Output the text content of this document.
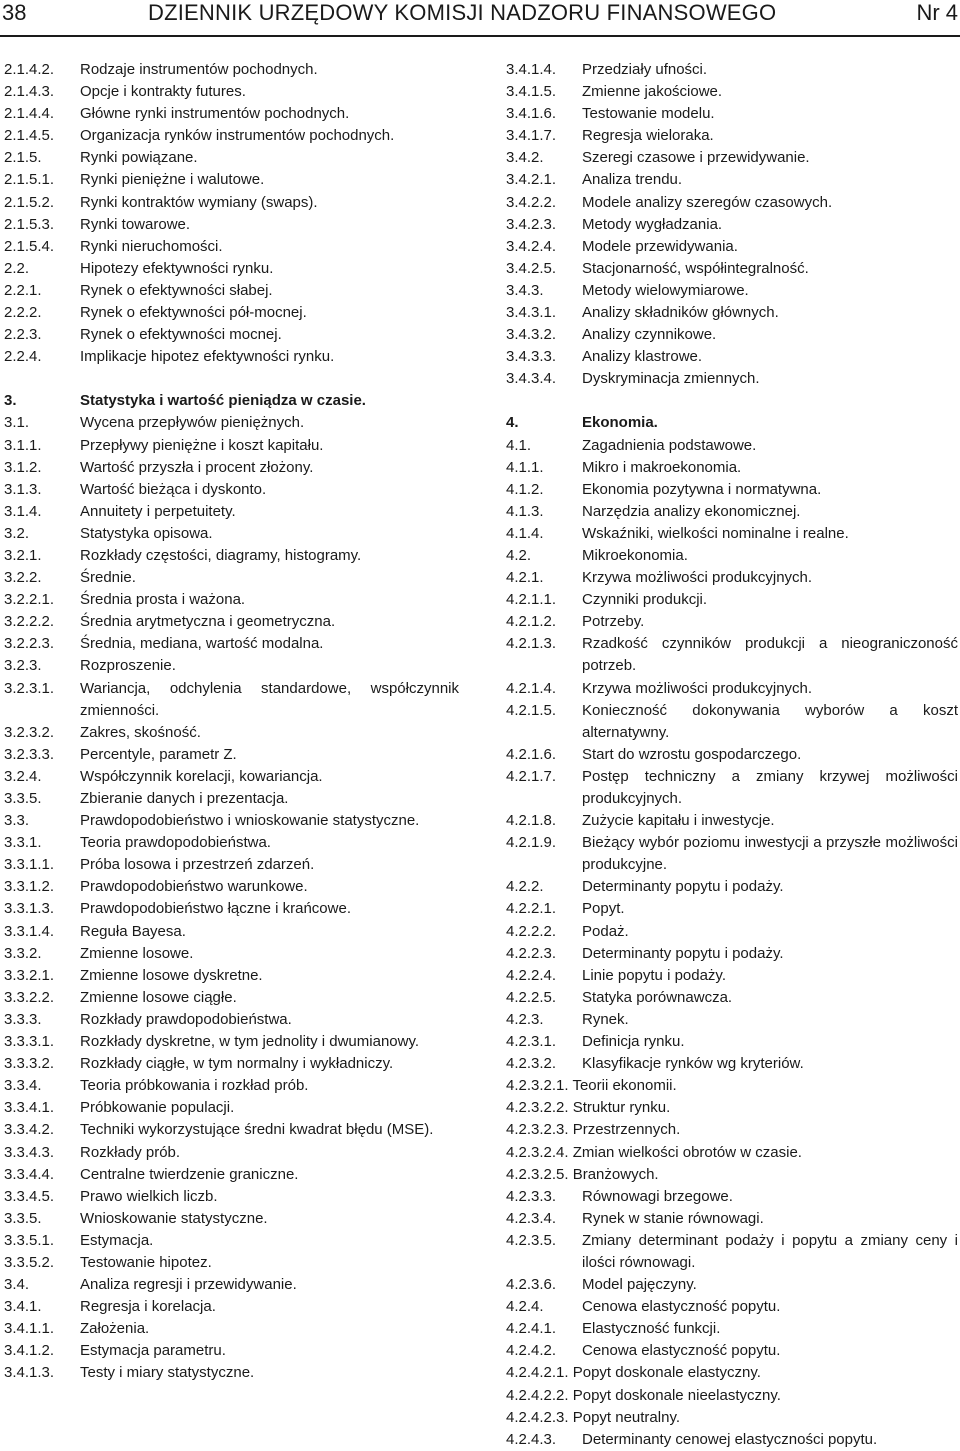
38	DZIENNIK URZĘDOWY KOMISJI NADZORU FINANSOWEGO	Nr 4
2.1.4.2.	Rodzaje instrumentów pochodnych.
2.1.4.3.	Opcje i kontrakty futures.
2.1.4.4.	Główne rynki instrumentów pochodnych.
2.1.4.5.	Organizacja rynków instrumentów pochodnych.
2.1.5.	Rynki powiązane.
2.1.5.1.	Rynki pieniężne i walutowe.
2.1.5.2.	Rynki kontraktów wymiany (swaps).
2.1.5.3.	Rynki towarowe.
2.1.5.4.	Rynki nieruchomości.
2.2.	Hipotezy efektywności rynku.
2.2.1.	Rynek o efektywności słabej.
2.2.2.	Rynek o efektywności pół-mocnej.
2.2.3.	Rynek o efektywności mocnej.
2.2.4.	Implikacje hipotez efektywności rynku.
3.	Statystyka i wartość pieniądza w czasie.
3.1.	Wycena przepływów pieniężnych.
3.1.1.	Przepływy pieniężne i koszt kapitału.
3.1.2.	Wartość przyszła i procent złożony.
3.1.3.	Wartość bieżąca i dyskonto.
3.1.4.	Annuitety i perpetuitety.
3.2.	Statystyka opisowa.
3.2.1.	Rozkłady częstości, diagramy, histogramy.
3.2.2.	Średnie.
3.2.2.1.	Średnia prosta i ważona.
3.2.2.2.	Średnia arytmetyczna i geometryczna.
3.2.2.3.	Średnia, mediana, wartość modalna.
3.2.3.	Rozproszenie.
3.2.3.1.	Wariancja, odchylenia standardowe, współczynnik zmienności.
3.2.3.2.	Zakres, skośność.
3.2.3.3.	Percentyle, parametr Z.
3.2.4.	Współczynnik korelacji, kowariancja.
3.3.5.	Zbieranie danych i prezentacja.
3.3.	Prawdopodobieństwo i wnioskowanie statystyczne.
3.3.1.	Teoria prawdopodobieństwa.
3.3.1.1.	Próba losowa i przestrzeń zdarzeń.
3.3.1.2.	Prawdopodobieństwo warunkowe.
3.3.1.3.	Prawdopodobieństwo łączne i krańcowe.
3.3.1.4.	Reguła Bayesa.
3.3.2.	Zmienne losowe.
3.3.2.1.	Zmienne losowe dyskretne.
3.3.2.2.	Zmienne losowe ciągłe.
3.3.3.	Rozkłady prawdopodobieństwa.
3.3.3.1.	Rozkłady dyskretne, w tym jednolity i dwumianowy.
3.3.3.2.	Rozkłady ciągłe, w tym normalny i wykładniczy.
3.3.4.	Teoria próbkowania i rozkład prób.
3.3.4.1.	Próbkowanie populacji.
3.3.4.2.	Techniki wykorzystujące średni kwadrat błędu (MSE).
3.3.4.3.	Rozkłady prób.
3.3.4.4.	Centralne twierdzenie graniczne.
3.3.4.5.	Prawo wielkich liczb.
3.3.5.	Wnioskowanie statystyczne.
3.3.5.1.	Estymacja.
3.3.5.2.	Testowanie hipotez.
3.4.	Analiza regresji i przewidywanie.
3.4.1.	Regresja i korelacja.
3.4.1.1.	Założenia.
3.4.1.2.	Estymacja parametru.
3.4.1.3.	Testy i miary statystyczne.
3.4.1.4.	Przedziały ufności.
3.4.1.5.	Zmienne jakościowe.
3.4.1.6.	Testowanie modelu.
3.4.1.7.	Regresja wieloraka.
3.4.2.	Szeregi czasowe i przewidywanie.
3.4.2.1.	Analiza trendu.
3.4.2.2.	Modele analizy szeregów czasowych.
3.4.2.3.	Metody wygładzania.
3.4.2.4.	Modele przewidywania.
3.4.2.5.	Stacjonarność, współintegralność.
3.4.3.	Metody wielowymiarowe.
3.4.3.1.	Analizy składników głównych.
3.4.3.2.	Analizy czynnikowe.
3.4.3.3.	Analizy klastrowe.
3.4.3.4.	Dyskryminacja zmiennych.
4.	Ekonomia.
4.1.	Zagadnienia podstawowe.
4.1.1.	Mikro i makroekonomia.
4.1.2.	Ekonomia pozytywna i normatywna.
4.1.3.	Narzędzia analizy ekonomicznej.
4.1.4.	Wskaźniki, wielkości nominalne i realne.
4.2.	Mikroekonomia.
4.2.1.	Krzywa możliwości produkcyjnych.
4.2.1.1.	Czynniki produkcji.
4.2.1.2.	Potrzeby.
4.2.1.3.	Rzadkość czynników produkcji a nieograniczoność potrzeb.
4.2.1.4.	Krzywa możliwości produkcyjnych.
4.2.1.5.	Konieczność dokonywania wyborów a koszt alternatywny.
4.2.1.6.	Start do wzrostu gospodarczego.
4.2.1.7.	Postęp techniczny a zmiany krzywej możliwości produkcyjnych.
4.2.1.8.	Zużycie kapitału i inwestycje.
4.2.1.9.	Bieżący wybór poziomu inwestycji a przyszłe możliwości produkcyjne.
4.2.2.	Determinanty popytu i podaży.
4.2.2.1.	Popyt.
4.2.2.2.	Podaż.
4.2.2.3.	Determinanty popytu i podaży.
4.2.2.4.	Linie popytu i podaży.
4.2.2.5.	Statyka porównawcza.
4.2.3.	Rynek.
4.2.3.1.	Definicja rynku.
4.2.3.2.	Klasyfikacje rynków wg kryteriów.
4.2.3.2.1. Teorii ekonomii.
4.2.3.2.2. Struktur rynku.
4.2.3.2.3. Przestrzennych.
4.2.3.2.4. Zmian wielkości obrotów w czasie.
4.2.3.2.5. Branżowych.
4.2.3.3.	Równowagi brzegowe.
4.2.3.4.	Rynek w stanie równowagi.
4.2.3.5.	Zmiany determinant podaży i popytu a zmiany ceny i ilości równowagi.
4.2.3.6.	Model pajęczyny.
4.2.4.	Cenowa elastyczność popytu.
4.2.4.1.	Elastyczność funkcji.
4.2.4.2.	Cenowa elastyczność popytu.
4.2.4.2.1. Popyt doskonale elastyczny.
4.2.4.2.2. Popyt doskonale nieelastyczny.
4.2.4.2.3. Popyt neutralny.
4.2.4.3.	Determinanty cenowej elastyczności popytu.
